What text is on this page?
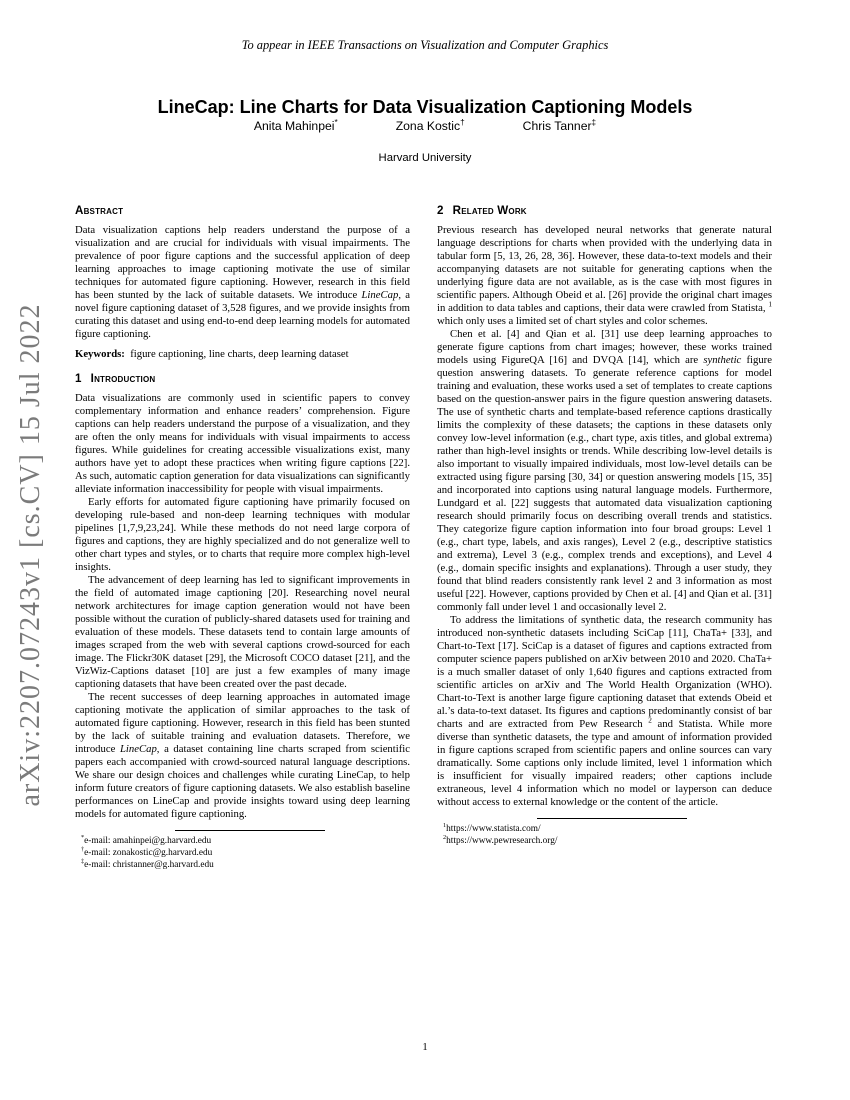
To appear in IEEE Transactions on Visualization and Computer Graphics
arXiv:2207.07243v1 [cs.CV] 15 Jul 2022
LineCap: Line Charts for Data Visualization Captioning Models
Anita Mahinpei*	Zona Kostic†	Chris Tanner‡
Harvard University
Abstract

Data visualization captions help readers understand the purpose of a visualization and are crucial for individuals with visual impairments. The prevalence of poor figure captions and the successful application of deep learning approaches to image captioning motivate the use of similar techniques for automated figure captioning. However, research in this field has been stunted by the lack of suitable datasets. We introduce LineCap, a novel figure captioning dataset of 3,528 figures, and we provide insights from curating this dataset and using end-to-end deep learning models for automated figure captioning.

Keywords: figure captioning, line charts, deep learning dataset

1 Introduction

Data visualizations are commonly used in scientific papers to convey complementary information and enhance readers’ comprehension. Figure captions can help readers understand the purpose of a visualization, and they are often the only means for individuals with visual impairments to access figures. While guidelines for creating accessible visualizations exist, many authors have yet to adopt these practices when writing figure captions [22]. As such, automatic caption generation for data visualizations can significantly alleviate information inaccessibility for people with visual impairments.

Early efforts for automated figure captioning have primarily focused on developing rule-based and non-deep learning techniques with modular pipelines [1,7,9,23,24]. While these methods do not need large corpora of figures and captions, they are highly specialized and do not generalize well to other chart types and styles, or to charts that require more complex high-level insights.

The advancement of deep learning has led to significant improvements in the field of automated image captioning [20]. Researching novel neural network architectures for image caption generation would not have been possible without the curation of publicly-shared datasets used for training and evaluation of these models. These datasets tend to contain large amounts of images scraped from the web with several captions crowd-sourced for each image. The Flickr30K dataset [29], the Microsoft COCO dataset [21], and the VizWiz-Captions dataset [10] are just a few examples of many image captioning datasets that have been created over the past decade.

The recent successes of deep learning approaches in automated image captioning motivate the application of similar approaches to the task of automated figure captioning. However, research in this field has been stunted by the lack of suitable training and evaluation datasets. Therefore, we introduce LineCap, a dataset containing line charts scraped from scientific papers each accompanied with crowd-sourced natural language descriptions. We share our design choices and challenges while curating LineCap, to help inform future creators of figure captioning datasets. We also establish baseline performances on LineCap and provide insights toward using deep learning models for automated figure captioning.

*e-mail: amahinpei@g.harvard.edu

†e-mail: zonakostic@g.harvard.edu

‡e-mail: christanner@g.harvard.edu

2 Related Work

Previous research has developed neural networks that generate natural language descriptions for charts when provided with the underlying data in tabular form [5, 13, 26, 28, 36]. However, these data-to-text models and their accompanying datasets are not suitable for generating captions when the underlying figure data are not available, as is the case with most figures in scientific papers. Although Obeid et al. [26] provide the original chart images in addition to data tables and captions, their data were crawled from Statista, $^1$ which only uses a limited set of chart styles and color schemes.

Chen et al. [4] and Qian et al. [31] use deep learning approaches to generate figure captions from chart images; however, these works trained models using FigureQA [16] and DVQA [14], which are synthetic figure question answering datasets. To generate reference captions for model training and evaluation, these works used a set of templates to create captions based on the question-answer pairs in the figure question answering datasets. The use of synthetic charts and template-based reference captions drastically limits the complexity of these datasets; the captions in these datasets only convey low-level information (e.g., chart type, axis titles, and global extrema) rather than high-level insights or trends. While describing low-level details is also important to visually impaired individuals, most low-level details can be extracted using figure parsing [30, 34] or question answering models [15, 35] and incorporated into captions using natural language models. Furthermore, Lundgard et al. [22] suggests that automated data visualization captioning research should primarily focus on describing overall trends and statistics. They categorize figure caption information into four broad groups: Level 1 (e.g., chart type, labels, and axis ranges), Level 2 (e.g., descriptive statistics and extrema), Level 3 (e.g., complex trends and exceptions), and Level 4 (e.g., domain specific insights and explanations). Through a user study, they found that blind readers consistently rank level 2 and 3 information as most useful [22]. However, captions provided by Chen et al. [4] and Qian et al. [31] commonly fall under level 1 and occasionally level 2.

To address the limitations of synthetic data, the research community has introduced non-synthetic datasets including SciCap [11], ChaTa+ [33], and Chart-to-Text [17]. SciCap is a dataset of figures and captions extracted from computer science papers published on arXiv between 2010 and 2020. ChaTa+ is a much smaller dataset of only 1,640 figures and captions extracted from scientific articles on arXiv and The World Health Organization (WHO). Chart-to-Text is another large figure captioning dataset that extends Obeid et al.’s data-to-text dataset. Its figures and captions predominantly consist of bar charts and are extracted from Pew Research $^2$ and Statista. While more diverse than synthetic datasets, the type and amount of information provided in figure captions scraped from scientific papers and online sources can vary dramatically. Some captions only include limited, level 1 information which is insufficient for visually impaired readers; other captions include extraneous, level 4 information which no model or layperson can deduce without access to external knowledge or the content of the article.

$^1$https://www.statista.com/

$^2$https://www.pewresearch.org/

1
